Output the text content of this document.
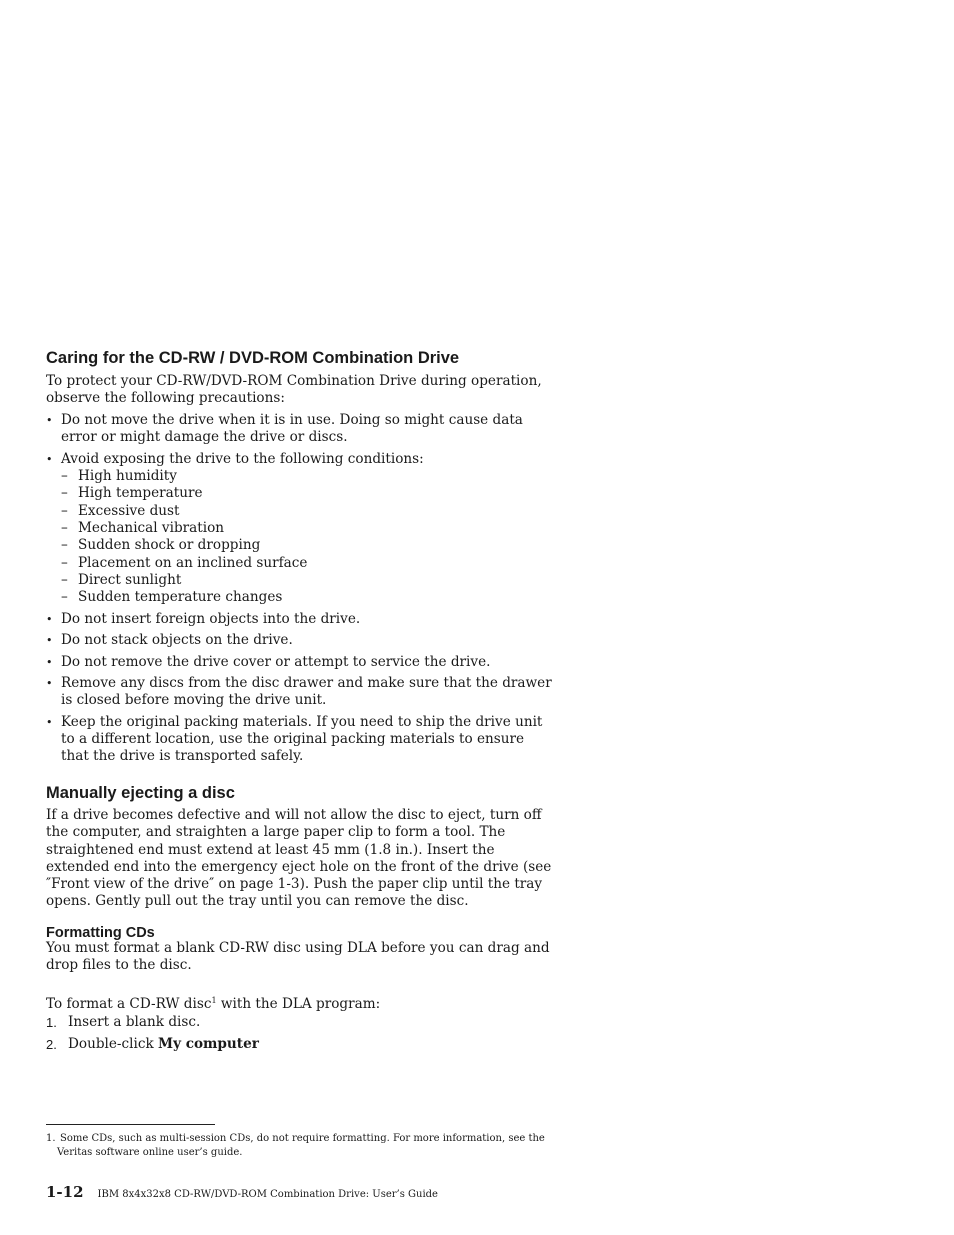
Caring for the CD-RW / DVD-ROM Combination Drive

To protect your CD-RW/DVD-ROM Combination Drive during operation, observe the following precautions:

• Do not move the drive when it is in use. Doing so might cause data error or might damage the drive or discs.
• Avoid exposing the drive to the following conditions:
– High humidity
– High temperature
– Excessive dust
– Mechanical vibration
– Sudden shock or dropping
– Placement on an inclined surface
– Direct sunlight
– Sudden temperature changes
• Do not insert foreign objects into the drive.
• Do not stack objects on the drive.
• Do not remove the drive cover or attempt to service the drive.
• Remove any discs from the disc drawer and make sure that the drawer is closed before moving the drive unit.
• Keep the original packing materials. If you need to ship the drive unit to a different location, use the original packing materials to ensure that the drive is transported safely.
Manually ejecting a disc

If a drive becomes defective and will not allow the disc to eject, turn off the computer, and straighten a large paper clip to form a tool. The straightened end must extend at least 45 mm (1.8 in.). Insert the extended end into the emergency eject hole on the front of the drive (see ″Front view of the drive″ on page 1-3). Push the paper clip until the tray opens. Gently pull out the tray until you can remove the disc.

Formatting CDs

You must format a blank CD-RW disc using DLA before you can drag and drop files to the disc.

To format a CD-RW disc$^1$ with the DLA program:

1. Insert a blank disc.
2. Double-click My computer
1. Some CDs, such as multi-session CDs, do not require formatting. For more information, see the
Veritas software online user’s guide.
1-12 IBM 8x4x32x8 CD-RW/DVD-ROM Combination Drive: User’s Guide
